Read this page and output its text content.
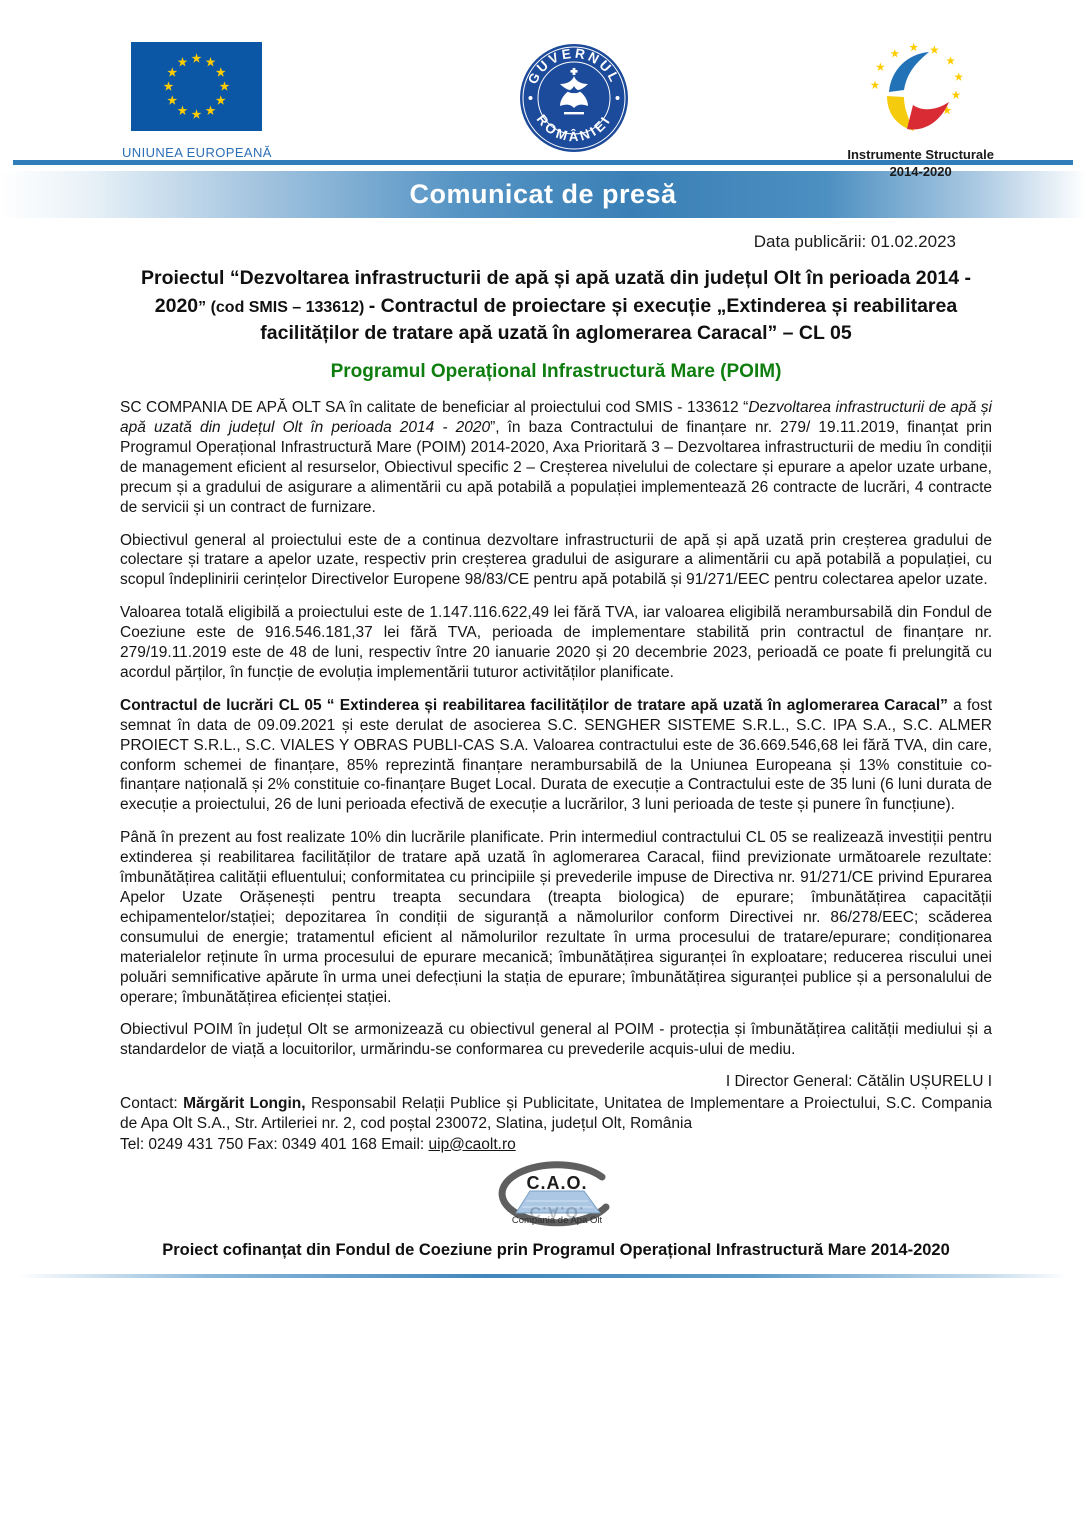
UNIUNEA EUROPEANĂ
GUVERNUL
ROMÂNIEI
Instrumente Structurale
2014-2020
Comunicat de presă
Data publicării: 01.02.2023
Proiectul “Dezvoltarea infrastructurii de apă și apă uzată din județul Olt în perioada 2014 - 2020” (cod SMIS – 133612) - Contractul de proiectare și execuție „Extinderea și reabilitarea facilităților de tratare apă uzată în aglomerarea Caracal” – CL 05
Programul Operațional Infrastructură Mare (POIM)

SC COMPANIA DE APĂ OLT SA în calitate de beneficiar al proiectului cod SMIS - 133612 “Dezvoltarea infrastructurii de apă și apă uzată din județul Olt în perioada 2014 - 2020”, în baza Contractului de finanțare nr. 279/ 19.11.2019, finanțat prin Programul Operațional Infrastructură Mare (POIM) 2014-2020, Axa Prioritară 3 – Dezvoltarea infrastructurii de mediu în condiții de management eficient al resurselor, Obiectivul specific 2 – Creșterea nivelului de colectare și epurare a apelor uzate urbane, precum și a gradului de asigurare a alimentării cu apă potabilă a populației implementează 26 contracte de lucrări, 4 contracte de servicii și un contract de furnizare.

Obiectivul general al proiectului este de a continua dezvoltare infrastructurii de apă și apă uzată prin creșterea gradului de colectare și tratare a apelor uzate, respectiv prin creșterea gradului de asigurare a alimentării cu apă potabilă a populației, cu scopul îndeplinirii cerințelor Directivelor Europene 98/83/CE pentru apă potabilă și 91/271/EEC pentru colectarea apelor uzate.

Valoarea totală eligibilă a proiectului este de 1.147.116.622,49 lei fără TVA, iar valoarea eligibilă nerambursabilă din Fondul de Coeziune este de 916.546.181,37 lei fără TVA, perioada de implementare stabilită prin contractul de finanțare nr. 279/19.11.2019 este de 48 de luni, respectiv între 20 ianuarie 2020 și 20 decembrie 2023, perioadă ce poate fi prelungită cu acordul părților, în funcție de evoluția implementării tuturor activităților planificate.

Contractul de lucrări CL 05 “ Extinderea și reabilitarea facilităților de tratare apă uzată în aglomerarea Caracal” a fost semnat în data de 09.09.2021 și este derulat de asocierea S.C. SENGHER SISTEME S.R.L., S.C. IPA S.A., S.C. ALMER PROIECT S.R.L., S.C. VIALES Y OBRAS PUBLI-CAS S.A. Valoarea contractului este de 36.669.546,68 lei fără TVA, din care, conform schemei de finanțare, 85% reprezintă finanțare nerambursabilă de la Uniunea Europeana și 13% constituie co-finanțare națională și 2% constituie co-finanțare Buget Local. Durata de execuție a Contractului este de 35 luni (6 luni durata de execuție a proiectului, 26 de luni perioada efectivă de execuție a lucrărilor, 3 luni perioada de teste și punere în funcțiune).

Până în prezent au fost realizate 10% din lucrările planificate. Prin intermediul contractului CL 05 se realizează investiții pentru extinderea și reabilitarea facilităților de tratare apă uzată în aglomerarea Caracal, fiind previzionate următoarele rezultate: îmbunătățirea calității efluentului; conformitatea cu principiile și prevederile impuse de Directiva nr. 91/271/CE privind Epurarea Apelor Uzate Orășenești pentru treapta secundara (treapta biologica) de epurare; îmbunătățirea capacității echipamentelor/stației; depozitarea în condiții de siguranță a nămolurilor conform Directivei nr. 86/278/EEC; scăderea consumului de energie; tratamentul eficient al nămolurilor rezultate în urma procesului de tratare/epurare; condiționarea materialelor reținute în urma procesului de epurare mecanică; îmbunătățirea siguranței în exploatare; reducerea riscului unei poluări semnificative apărute în urma unei defecțiuni la stația de epurare; îmbunătățirea siguranței publice și a personalului de operare; îmbunătățirea eficienței stației.

Obiectivul POIM în județul Olt se armonizează cu obiectivul general al POIM - protecția și îmbunătățirea calității mediului și a standardelor de viață a locuitorilor, urmărindu-se conformarea cu prevederile acquis-ului de mediu.

I Director General: Cătălin UȘURELU I

Contact: Mărgărit Longin, Responsabil Relații Publice și Publicitate, Unitatea de Implementare a Proiectului, S.C. Compania de Apa Olt S.A., Str. Artileriei nr. 2, cod poștal 230072, Slatina, județul Olt, România

Tel: 0249 431 750 Fax: 0349 401 168 Email: uip@caolt.ro

C.A.O.
C.A.O.
Compania de Apa Olt
Proiect cofinanțat din Fondul de Coeziune prin Programul Operațional Infrastructură Mare 2014-2020
